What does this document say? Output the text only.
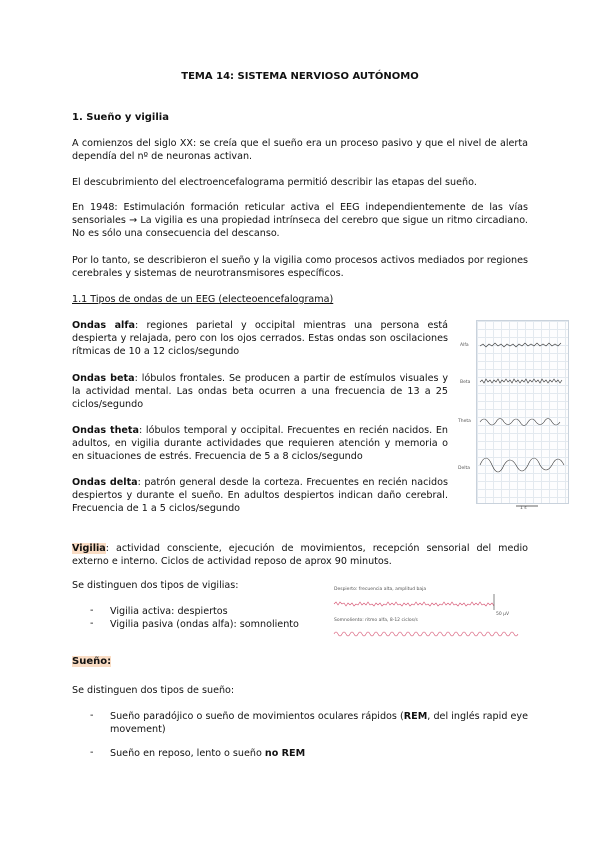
TEMA 14: SISTEMA NERVIOSO AUTÓNOMO
1. Sueño y vigilia
A comienzos del siglo XX: se creía que el sueño era un proceso pasivo y que el nivel de alerta dependía del nº de neuronas activan.
El descubrimiento del electroencefalograma permitió describir las etapas del sueño.
En 1948: Estimulación formación reticular activa el EEG independientemente de las vías sensoriales → La vigilia es una propiedad intrínseca del cerebro que sigue un ritmo circadiano. No es sólo una consecuencia del descanso.
Por lo tanto, se describieron el sueño y la vigilia como procesos activos mediados por regiones cerebrales y sistemas de neurotransmisores específicos.
1.1 Tipos de ondas de un EEG (electeoencefalograma)
Ondas alfa: regiones parietal y occipital mientras una persona está despierta y relajada, pero con los ojos cerrados. Estas ondas son oscilaciones rítmicas de 10 a 12 ciclos/segundo
Ondas beta: lóbulos frontales. Se producen a partir de estímulos visuales y la actividad mental. Las ondas beta ocurren a una frecuencia de 13 a 25 ciclos/segundo
Ondas theta: lóbulos temporal y occipital. Frecuentes en recién nacidos. En adultos, en vigilia durante actividades que requieren atención y memoria o en situaciones de estrés. Frecuencia de 5 a 8 ciclos/segundo
Ondas delta: patrón general desde la corteza. Frecuentes en recién nacidos despiertos y durante el sueño. En adultos despiertos indican daño cerebral. Frecuencia de 1 a 5 ciclos/segundo
Alfa
Beta
Theta
Delta
1 s
Vigilia: actividad consciente, ejecución de movimientos, recepción sensorial del medio externo e interno. Ciclos de actividad reposo de aprox 90 minutos.
Se distinguen dos tipos de vigilias:
- Vigilia activa: despiertos
- Vigilia pasiva (ondas alfa): somnoliento
Despierto: frecuencia alta, amplitud baja
Somnoliento: ritmo alfa, 8-12 ciclos/s
50 µV
Sueño:
Se distinguen dos tipos de sueño:
- Sueño paradójico o sueño de movimientos oculares rápidos (REM, del inglés rapid eye movement)
- Sueño en reposo, lento o sueño no REM
